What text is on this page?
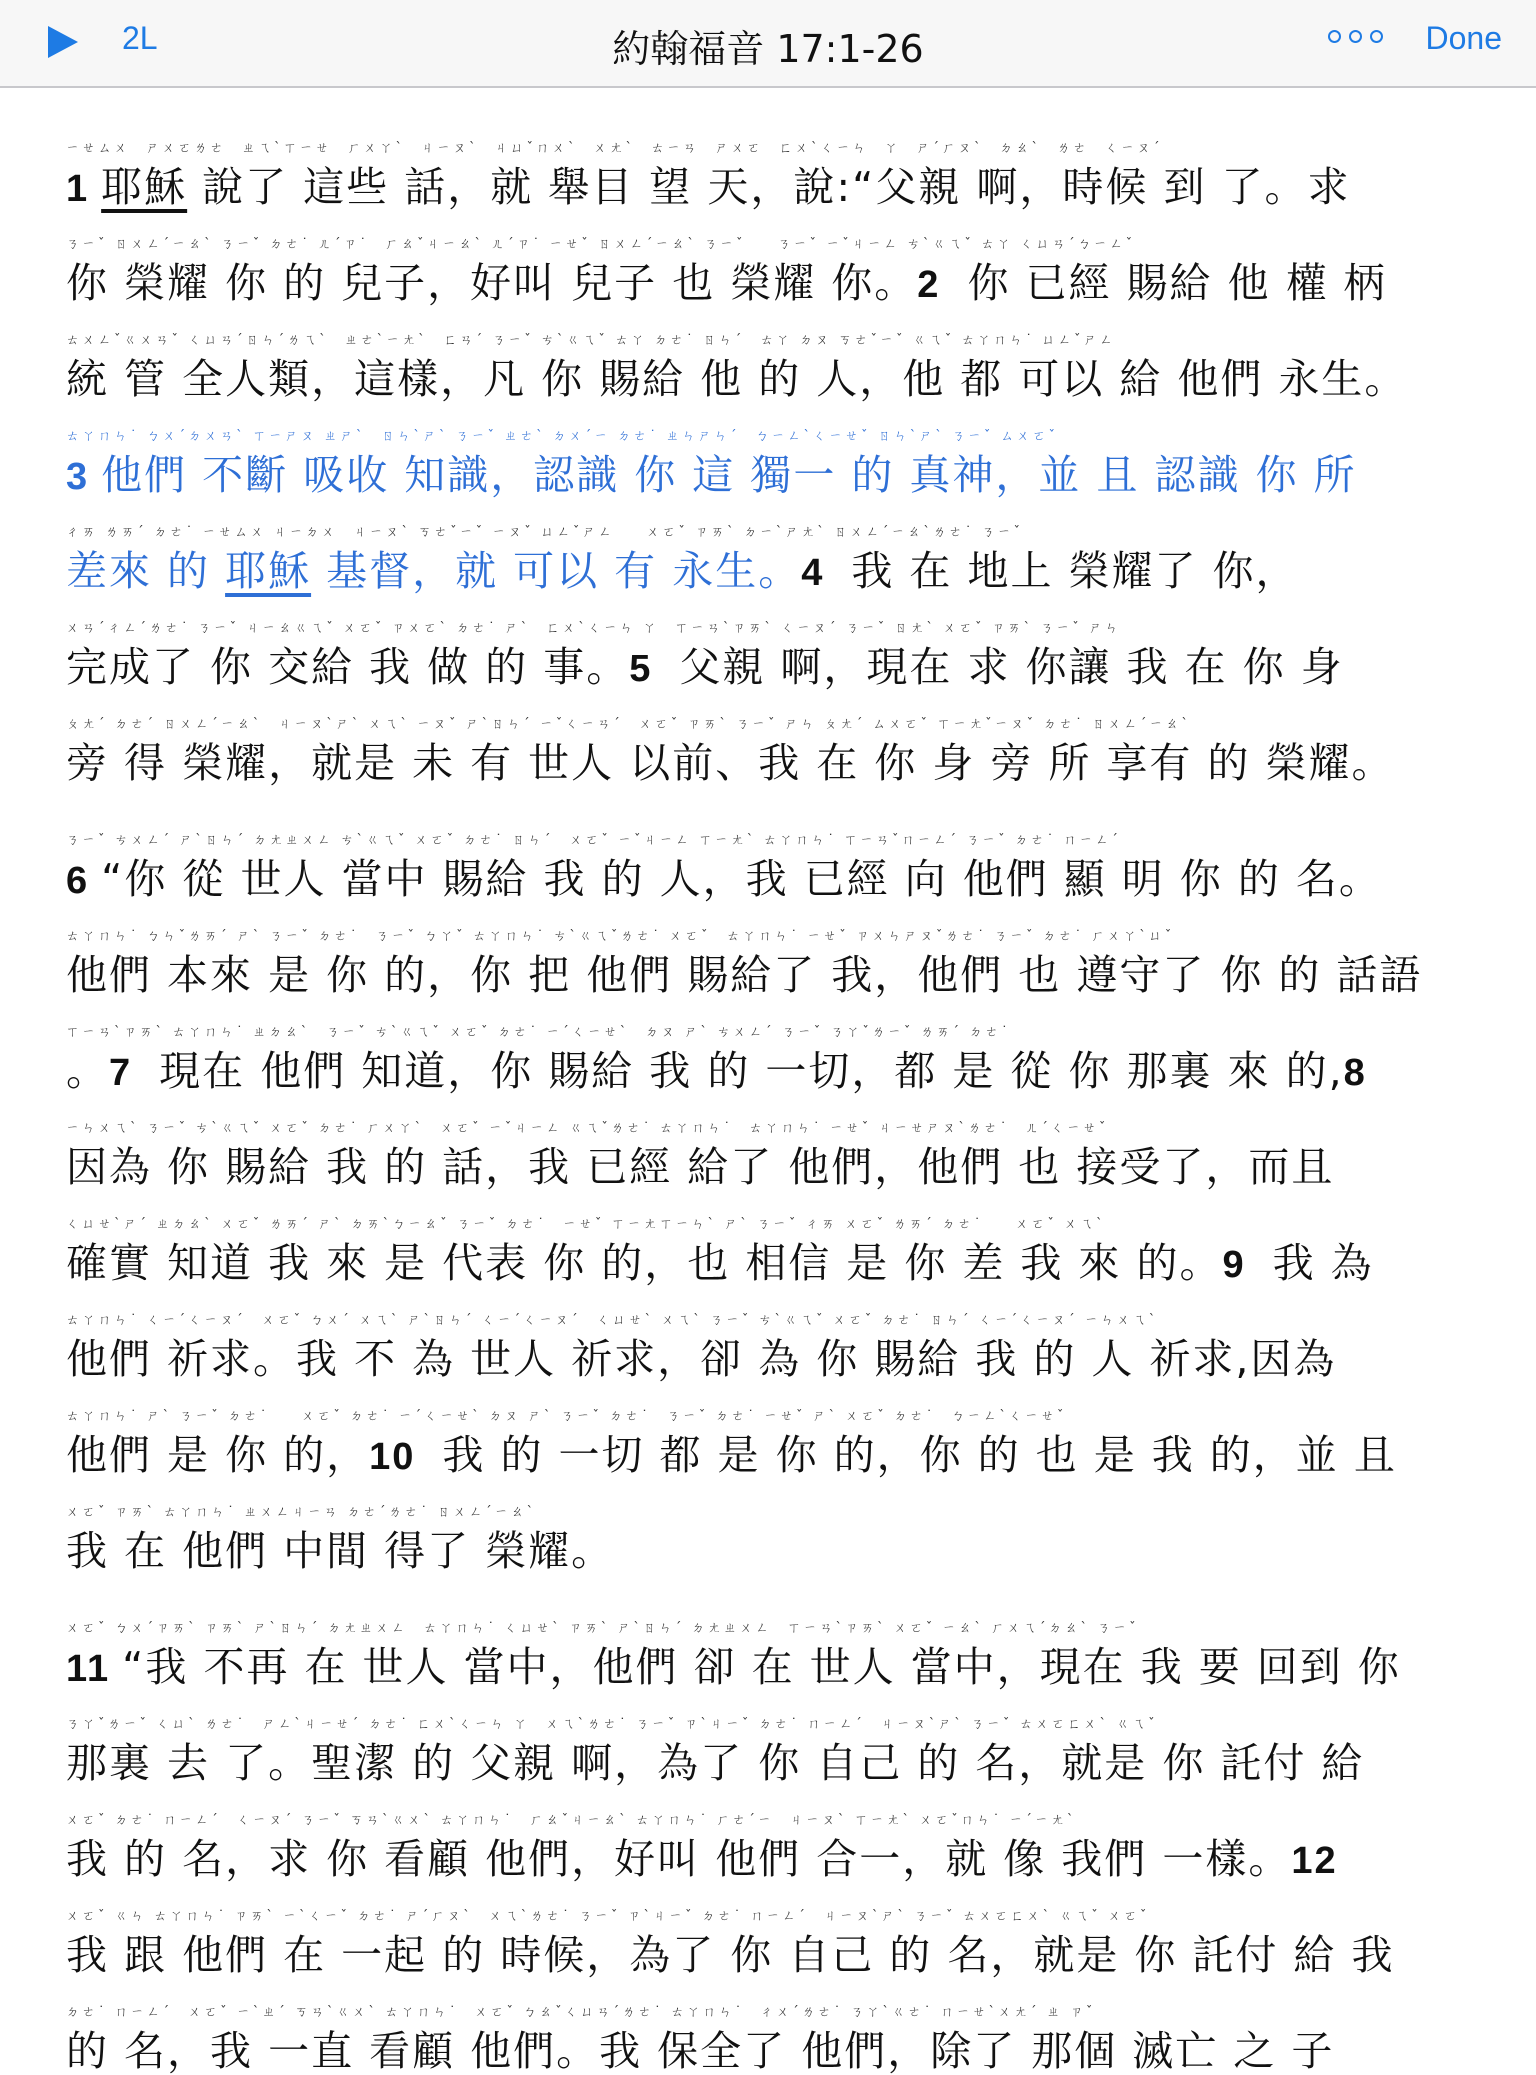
2L	約翰福音 17:1-26	Done
ㄧㄝㄙㄨ　ㄕㄨㄛㄌㄜ　ㄓㄟˋㄒㄧㄝ　ㄏㄨㄚˋ　ㄐㄧㄡˋ　ㄐㄩˇㄇㄨˋ　ㄨㄤˋ　ㄊㄧㄢ　ㄕㄨㄛ　ㄈㄨˋㄑㄧㄣ　ㄚ　ㄕˊㄏㄡˋ　ㄉㄠˋ　ㄌㄜ　ㄑㄧㄡˊ
1 耶穌 說了 這些 話，就 舉目 望 天，說:“父親 啊，時候 到 了。求
ㄋㄧˇ ㄖㄨㄥˊㄧㄠˋ ㄋㄧˇ ㄉㄜ˙ ㄦˊㄗ˙　ㄏㄠˇㄐㄧㄠˋ ㄦˊㄗ˙ ㄧㄝˇ ㄖㄨㄥˊㄧㄠˋ ㄋㄧˇ　　ㄋㄧˇ ㄧˇㄐㄧㄥ ㄘˋㄍㄟˇ ㄊㄚ ㄑㄩㄢˊㄅㄧㄥˇ
你 榮耀 你 的 兒子，好叫 兒子 也 榮耀 你。2 你 已經 賜給 他 權 柄
ㄊㄨㄥˇㄍㄨㄢˇ ㄑㄩㄢˊㄖㄣˊㄌㄟˋ　ㄓㄜˋㄧㄤˋ　ㄈㄢˊ ㄋㄧˇ ㄘˋㄍㄟˇ ㄊㄚ ㄉㄜ˙ ㄖㄣˊ　ㄊㄚ ㄉㄡ ㄎㄜˇㄧˇ ㄍㄟˇ ㄊㄚㄇㄣ˙ ㄩㄥˇㄕㄥ
統 管 全人類，這樣，凡 你 賜給 他 的 人，他 都 可以 給 他們 永生。
ㄊㄚㄇㄣ˙ ㄅㄨˊㄉㄨㄢˋ ㄒㄧㄕㄡ ㄓㄕˋ　ㄖㄣˋㄕˋ ㄋㄧˇ ㄓㄜˋ ㄉㄨˊㄧ ㄉㄜ˙ ㄓㄣㄕㄣˊ　ㄅㄧㄥˋㄑㄧㄝˇ ㄖㄣˋㄕˋ ㄋㄧˇ ㄙㄨㄛˇ
3 他們 不斷 吸收 知識，認識 你 這 獨一 的 真神，並 且 認識 你 所
ㄔㄞ ㄌㄞˊ ㄉㄜ˙ ㄧㄝㄙㄨ ㄐㄧㄉㄨ　ㄐㄧㄡˋ ㄎㄜˇㄧˇ ㄧㄡˇ ㄩㄥˇㄕㄥ　　ㄨㄛˇ ㄗㄞˋ ㄉㄧˋㄕㄤˋ ㄖㄨㄥˊㄧㄠˋㄌㄜ˙ ㄋㄧˇ
差來 的 耶穌 基督，就 可以 有 永生。4 我 在 地上 榮耀了 你，
ㄨㄢˊㄔㄥˊㄌㄜ˙ ㄋㄧˇ ㄐㄧㄠㄍㄟˇ ㄨㄛˇ ㄗㄨㄛˋ ㄉㄜ˙ ㄕˋ　ㄈㄨˋㄑㄧㄣ ㄚ　ㄒㄧㄢˋㄗㄞˋ ㄑㄧㄡˊ ㄋㄧˇ ㄖㄤˋ ㄨㄛˇ ㄗㄞˋ ㄋㄧˇ ㄕㄣ
完成了 你 交給 我 做 的 事。5 父親 啊，現在 求 你讓 我 在 你 身
ㄆㄤˊ ㄉㄜˊ ㄖㄨㄥˊㄧㄠˋ　ㄐㄧㄡˋㄕˋ ㄨㄟˋ ㄧㄡˇ ㄕˋㄖㄣˊ ㄧˇㄑㄧㄢˊ　ㄨㄛˇ ㄗㄞˋ ㄋㄧˇ ㄕㄣ ㄆㄤˊ ㄙㄨㄛˇ ㄒㄧㄤˇㄧㄡˇ ㄉㄜ˙ ㄖㄨㄥˊㄧㄠˋ
旁 得 榮耀，就是 未 有 世人 以前、我 在 你 身 旁 所 享有 的 榮耀。
ㄋㄧˇ ㄘㄨㄥˊ ㄕˋㄖㄣˊ ㄉㄤㄓㄨㄥ ㄘˋㄍㄟˇ ㄨㄛˇ ㄉㄜ˙ ㄖㄣˊ　ㄨㄛˇ ㄧˇㄐㄧㄥ ㄒㄧㄤˋ ㄊㄚㄇㄣ˙ ㄒㄧㄢˇㄇㄧㄥˊ ㄋㄧˇ ㄉㄜ˙ ㄇㄧㄥˊ
6 “你 從 世人 當中 賜給 我 的 人，我 已經 向 他們 顯 明 你 的 名。
ㄊㄚㄇㄣ˙ ㄅㄣˇㄌㄞˊ ㄕˋ ㄋㄧˇ ㄉㄜ˙　ㄋㄧˇ ㄅㄚˇ ㄊㄚㄇㄣ˙ ㄘˋㄍㄟˇㄌㄜ˙ ㄨㄛˇ　ㄊㄚㄇㄣ˙ ㄧㄝˇ ㄗㄨㄣㄕㄡˇㄌㄜ˙ ㄋㄧˇ ㄉㄜ˙ ㄏㄨㄚˋㄩˇ
他們 本來 是 你 的，你 把 他們 賜給了 我，他們 也 遵守了 你 的 話語
ㄒㄧㄢˋㄗㄞˋ ㄊㄚㄇㄣ˙ ㄓㄉㄠˋ　ㄋㄧˇ ㄘˋㄍㄟˇ ㄨㄛˇ ㄉㄜ˙ ㄧˊㄑㄧㄝˋ　ㄉㄡ ㄕˋ ㄘㄨㄥˊ ㄋㄧˇ ㄋㄚˇㄌㄧˇ ㄌㄞˊ ㄉㄜ˙
。7 現在 他們 知道，你 賜給 我 的 一切，都 是 從 你 那裏 來 的,8
ㄧㄣㄨㄟˋ ㄋㄧˇ ㄘˋㄍㄟˇ ㄨㄛˇ ㄉㄜ˙ ㄏㄨㄚˋ　ㄨㄛˇ ㄧˇㄐㄧㄥ ㄍㄟˇㄌㄜ˙ ㄊㄚㄇㄣ˙　ㄊㄚㄇㄣ˙ ㄧㄝˇ ㄐㄧㄝㄕㄡˋㄌㄜ˙　ㄦˊㄑㄧㄝˇ
因為 你 賜給 我 的 話，我 已經 給了 他們，他們 也 接受了，而且
ㄑㄩㄝˋㄕˊ ㄓㄉㄠˋ ㄨㄛˇ ㄌㄞˊ ㄕˋ ㄉㄞˋㄅㄧㄠˇ ㄋㄧˇ ㄉㄜ˙　ㄧㄝˇ ㄒㄧㄤㄒㄧㄣˋ ㄕˋ ㄋㄧˇ ㄔㄞ ㄨㄛˇ ㄌㄞˊ ㄉㄜ˙　　ㄨㄛˇ ㄨㄟˋ
確實 知道 我 來 是 代表 你 的，也 相信 是 你 差 我 來 的。9 我 為
ㄊㄚㄇㄣ˙ ㄑㄧˊㄑㄧㄡˊ　ㄨㄛˇ ㄅㄨˊ ㄨㄟˋ ㄕˋㄖㄣˊ ㄑㄧˊㄑㄧㄡˊ　ㄑㄩㄝˋ ㄨㄟˋ ㄋㄧˇ ㄘˋㄍㄟˇ ㄨㄛˇ ㄉㄜ˙ ㄖㄣˊ ㄑㄧˊㄑㄧㄡˊ ㄧㄣㄨㄟˋ
他們 祈求。我 不 為 世人 祈求，卻 為 你 賜給 我 的 人 祈求,因為
ㄊㄚㄇㄣ˙ ㄕˋ ㄋㄧˇ ㄉㄜ˙　　ㄨㄛˇ ㄉㄜ˙ ㄧˊㄑㄧㄝˋ ㄉㄡ ㄕˋ ㄋㄧˇ ㄉㄜ˙　ㄋㄧˇ ㄉㄜ˙ ㄧㄝˇ ㄕˋ ㄨㄛˇ ㄉㄜ˙　ㄅㄧㄥˋㄑㄧㄝˇ
他們 是 你 的，10 我 的 一切 都 是 你 的，你 的 也 是 我 的，並 且
ㄨㄛˇ ㄗㄞˋ ㄊㄚㄇㄣ˙ ㄓㄨㄥㄐㄧㄢ ㄉㄜˊㄌㄜ˙ ㄖㄨㄥˊㄧㄠˋ
我 在 他們 中間 得了 榮耀。
ㄨㄛˇ ㄅㄨˊㄗㄞˋ ㄗㄞˋ ㄕˋㄖㄣˊ ㄉㄤㄓㄨㄥ　ㄊㄚㄇㄣ˙ ㄑㄩㄝˋ ㄗㄞˋ ㄕˋㄖㄣˊ ㄉㄤㄓㄨㄥ　ㄒㄧㄢˋㄗㄞˋ ㄨㄛˇ ㄧㄠˋ ㄏㄨㄟˊㄉㄠˋ ㄋㄧˇ
11 “我 不再 在 世人 當中，他們 卻 在 世人 當中，現在 我 要 回到 你
ㄋㄚˇㄌㄧˇ ㄑㄩˋ ㄌㄜ˙　ㄕㄥˋㄐㄧㄝˊ ㄉㄜ˙ ㄈㄨˋㄑㄧㄣ ㄚ　ㄨㄟˋㄌㄜ˙ ㄋㄧˇ ㄗˋㄐㄧˇ ㄉㄜ˙ ㄇㄧㄥˊ　ㄐㄧㄡˋㄕˋ ㄋㄧˇ ㄊㄨㄛㄈㄨˋ ㄍㄟˇ
那裏 去 了。聖潔 的 父親 啊，為了 你 自己 的 名，就是 你 託付 給
ㄨㄛˇ ㄉㄜ˙ ㄇㄧㄥˊ　ㄑㄧㄡˊ ㄋㄧˇ ㄎㄢˋㄍㄨˋ ㄊㄚㄇㄣ˙　ㄏㄠˇㄐㄧㄠˋ ㄊㄚㄇㄣ˙ ㄏㄜˊㄧ　ㄐㄧㄡˋ ㄒㄧㄤˋ ㄨㄛˇㄇㄣ˙ ㄧˊㄧㄤˋ
我 的 名，求 你 看顧 他們，好叫 他們 合一，就 像 我們 一樣。12
ㄨㄛˇ ㄍㄣ ㄊㄚㄇㄣ˙ ㄗㄞˋ ㄧˋㄑㄧˇ ㄉㄜ˙ ㄕˊㄏㄡˋ　ㄨㄟˋㄌㄜ˙ ㄋㄧˇ ㄗˋㄐㄧˇ ㄉㄜ˙ ㄇㄧㄥˊ　ㄐㄧㄡˋㄕˋ ㄋㄧˇ ㄊㄨㄛㄈㄨˋ ㄍㄟˇ ㄨㄛˇ
我 跟 他們 在 一起 的 時候，為了 你 自己 的 名，就是 你 託付 給 我
ㄉㄜ˙ ㄇㄧㄥˊ　ㄨㄛˇ ㄧˋㄓˊ ㄎㄢˋㄍㄨˋ ㄊㄚㄇㄣ˙　ㄨㄛˇ ㄅㄠˇㄑㄩㄢˊㄌㄜ˙ ㄊㄚㄇㄣ˙　ㄔㄨˊㄌㄜ˙ ㄋㄚˋㄍㄜ˙ ㄇㄧㄝˋㄨㄤˊ ㄓ ㄗˇ
的 名，我 一直 看顧 他們。我 保全了 他們，除了 那個 滅亡 之 子
